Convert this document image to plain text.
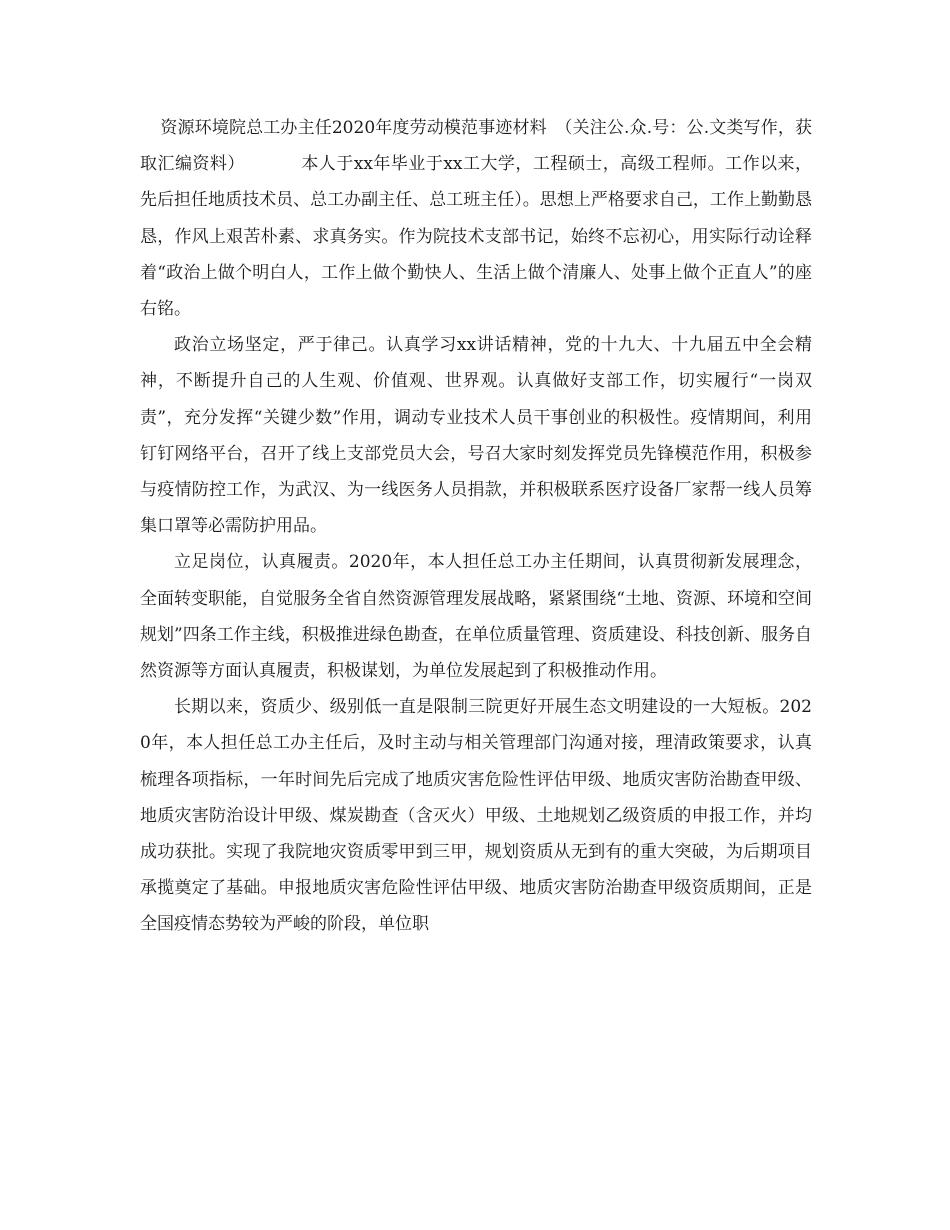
资源环境院总工办主任2020年度劳动模范事迹材料　（关注公.众.号：公.文类写作，获取汇编资料）	本人于xx年毕业于xx工大学，工程硕士，高级工程师。工作以来，先后担任地质技术员、总工办副主任、总工班主任）。思想上严格要求自己，工作上勤勤恳恳，作风上艰苦朴素、求真务实。作为院技术支部书记，始终不忘初心，用实际行动诠释着“政治上做个明白人，工作上做个勤快人、生活上做个清廉人、处事上做个正直人”的座右铭。

政治立场坚定，严于律己。认真学习xx讲话精神，党的十九大、十九届五中全会精神，不断提升自己的人生观、价值观、世界观。认真做好支部工作，切实履行“一岗双责”，充分发挥“关键少数”作用，调动专业技术人员干事创业的积极性。疫情期间，利用钉钉网络平台，召开了线上支部党员大会，号召大家时刻发挥党员先锋模范作用，积极参与疫情防控工作，为武汉、为一线医务人员捐款，并积极联系医疗设备厂家帮一线人员筹集口罩等必需防护用品。

立足岗位，认真履责。2020年，本人担任总工办主任期间，认真贯彻新发展理念，全面转变职能，自觉服务全省自然资源管理发展战略，紧紧围绕“土地、资源、环境和空间规划”四条工作主线，积极推进绿色勘查，在单位质量管理、资质建设、科技创新、服务自然资源等方面认真履责，积极谋划，为单位发展起到了积极推动作用。

长期以来，资质少、级别低一直是限制三院更好开展生态文明建设的一大短板。2020年，本人担任总工办主任后，及时主动与相关管理部门沟通对接，理清政策要求，认真梳理各项指标，一年时间先后完成了地质灾害危险性评估甲级、地质灾害防治勘查甲级、地质灾害防治设计甲级、煤炭勘查（含灭火）甲级、土地规划乙级资质的申报工作，并均成功获批。实现了我院地灾资质零甲到三甲，规划资质从无到有的重大突破，为后期项目承揽奠定了基础。申报地质灾害危险性评估甲级、地质灾害防治勘查甲级资质期间，正是全国疫情态势较为严峻的阶段，单位职
